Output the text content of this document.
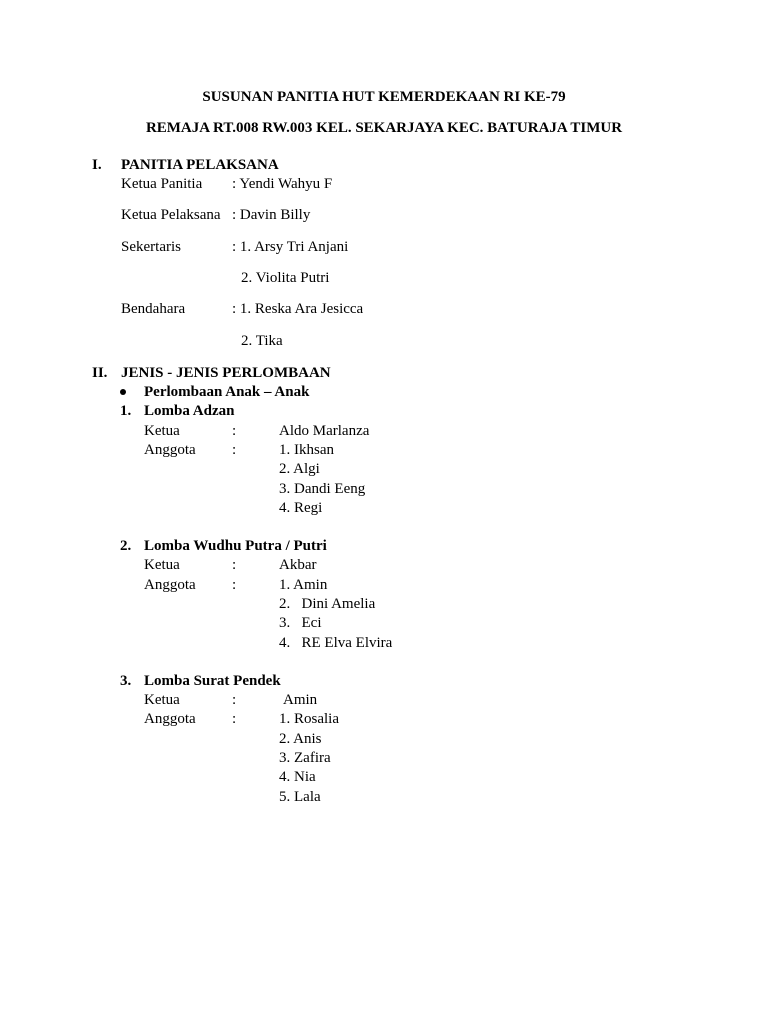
SUSUNAN PANITIA HUT KEMERDEKAAN RI KE-79
REMAJA RT.008 RW.003 KEL. SEKARJAYA KEC. BATURAJA TIMUR
I. PANITIA PELAKSANA
Ketua Panitia : Yendi Wahyu F
Ketua Pelaksana : Davin Billy
Sekertaris	: 1. Arsy Tri Anjani
2. Violita Putri
Bendahara	: 1. Reska Ara Jesicca
2. Tika
II. JENIS - JENIS PERLOMBAAN
Perlombaan Anak – Anak
1. Lomba Adzan
Ketua	:	Aldo Marlanza
Anggota :	1. Ikhsan
2. Algi
3. Dandi Eeng
4. Regi
2. Lomba Wudhu Putra / Putri
Ketua	:	Akbar
Anggota :	1. Amin
2.   Dini Amelia
3.   Eci
4.   RE Elva Elvira
3. Lomba Surat Pendek
Ketua	:	Amin
Anggota :	1. Rosalia
2. Anis
3. Zafira
4. Nia
5. Lala
